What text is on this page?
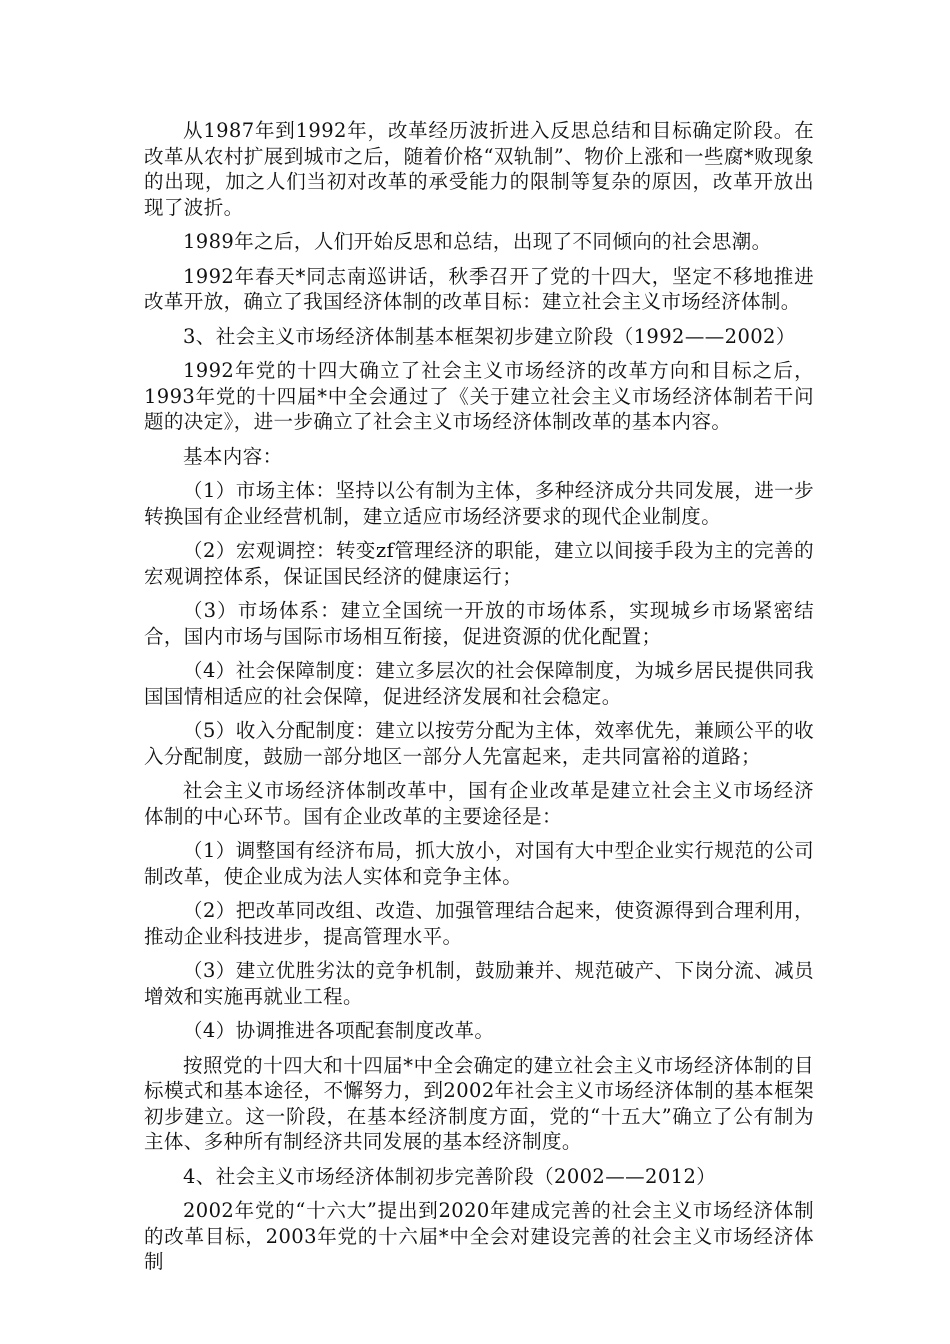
从1987年到1992年，改革经历波折进入反思总结和目标确定阶段。在改革从农村扩展到城市之后，随着价格“双轨制”、物价上涨和一些腐*败现象的出现，加之人们当初对改革的承受能力的限制等复杂的原因，改革开放出现了波折。

1989年之后，人们开始反思和总结，出现了不同倾向的社会思潮。

1992年春天*同志南巡讲话，秋季召开了党的十四大，坚定不移地推进改革开放，确立了我国经济体制的改革目标：建立社会主义市场经济体制。

3、社会主义市场经济体制基本框架初步建立阶段（1992——2002）

1992年党的十四大确立了社会主义市场经济的改革方向和目标之后，1993年党的十四届*中全会通过了《关于建立社会主义市场经济体制若干问题的决定》，进一步确立了社会主义市场经济体制改革的基本内容。

基本内容：

（1）市场主体：坚持以公有制为主体，多种经济成分共同发展，进一步转换国有企业经营机制，建立适应市场经济要求的现代企业制度。

（2）宏观调控：转变zf管理经济的职能，建立以间接手段为主的完善的宏观调控体系，保证国民经济的健康运行；

（3）市场体系：建立全国统一开放的市场体系，实现城乡市场紧密结合，国内市场与国际市场相互衔接，促进资源的优化配置；

（4）社会保障制度：建立多层次的社会保障制度，为城乡居民提供同我国国情相适应的社会保障，促进经济发展和社会稳定。

（5）收入分配制度：建立以按劳分配为主体，效率优先，兼顾公平的收入分配制度，鼓励一部分地区一部分人先富起来，走共同富裕的道路；

社会主义市场经济体制改革中，国有企业改革是建立社会主义市场经济体制的中心环节。国有企业改革的主要途径是：

（1）调整国有经济布局，抓大放小，对国有大中型企业实行规范的公司制改革，使企业成为法人实体和竞争主体。

（2）把改革同改组、改造、加强管理结合起来，使资源得到合理利用，推动企业科技进步，提高管理水平。

（3）建立优胜劣汰的竞争机制，鼓励兼并、规范破产、下岗分流、减员增效和实施再就业工程。

（4）协调推进各项配套制度改革。

按照党的十四大和十四届*中全会确定的建立社会主义市场经济体制的目标模式和基本途径，不懈努力，到2002年社会主义市场经济体制的基本框架初步建立。这一阶段，在基本经济制度方面，党的“十五大”确立了公有制为主体、多种所有制经济共同发展的基本经济制度。

4、社会主义市场经济体制初步完善阶段（2002——2012）

2002年党的“十六大”提出到2020年建成完善的社会主义市场经济体制的改革目标，2003年党的十六届*中全会对建设完善的社会主义市场经济体制
